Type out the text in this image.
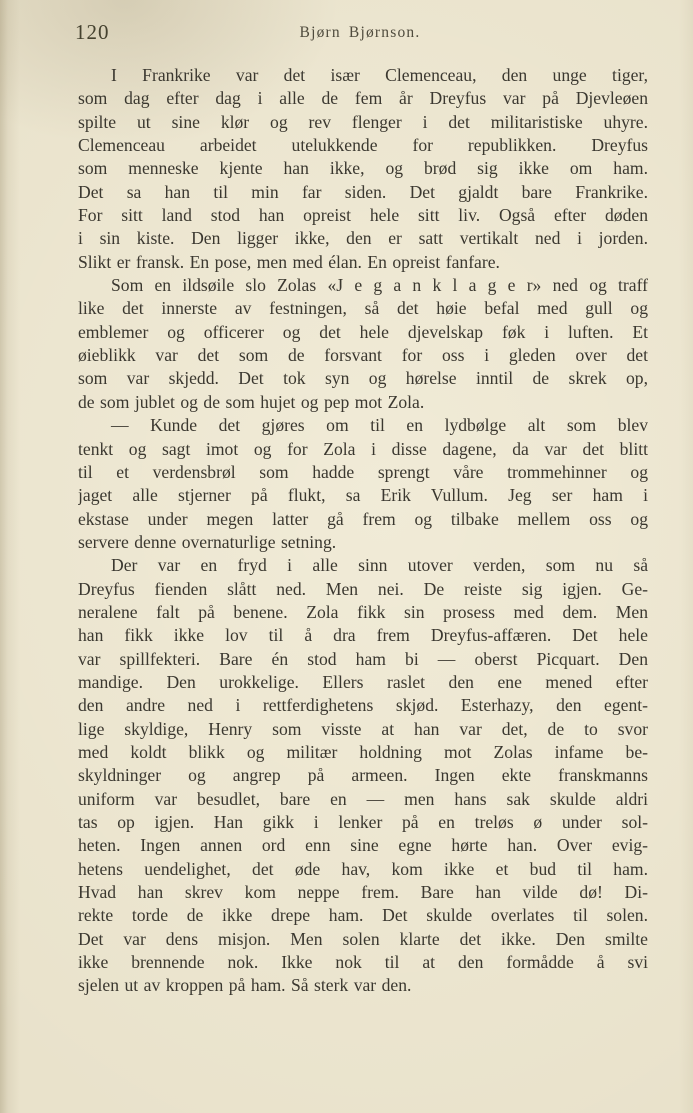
120	Bjørn Bjørnson.
I Frankrike var det især Clemenceau, den unge tiger,
som dag efter dag i alle de fem år Dreyfus var på Djevleøen
spilte ut sine klør og rev flenger i det militaristiske uhyre.
Clemenceau arbeidet utelukkende for republikken. Dreyfus
som menneske kjente han ikke, og brød sig ikke om ham.
Det sa han til min far siden. Det gjaldt bare Frankrike.
For sitt land stod han opreist hele sitt liv. Også efter døden
i sin kiste. Den ligger ikke, den er satt vertikalt ned i jorden.
Slikt er fransk. En pose, men med élan. En opreist fanfare.
Som en ildsøile slo Zolas «J e g a n k l a g e r» ned og traff
like det innerste av festningen, så det høie befal med gull og
emblemer og officerer og det hele djevelskap føk i luften. Et
øieblikk var det som de forsvant for oss i gleden over det
som var skjedd. Det tok syn og hørelse inntil de skrek op,
de som jublet og de som hujet og pep mot Zola.
— Kunde det gjøres om til en lydbølge alt som blev
tenkt og sagt imot og for Zola i disse dagene, da var det blitt
til et verdensbrøl som hadde sprengt våre trommehinner og
jaget alle stjerner på flukt, sa Erik Vullum. Jeg ser ham i
ekstase under megen latter gå frem og tilbake mellem oss og
servere denne overnaturlige setning.
Der var en fryd i alle sinn utover verden, som nu så
Dreyfus fienden slått ned. Men nei. De reiste sig igjen. Ge-
neralene falt på benene. Zola fikk sin prosess med dem. Men
han fikk ikke lov til å dra frem Dreyfus-affæren. Det hele
var spillfekteri. Bare én stod ham bi — oberst Picquart. Den
mandige. Den urokkelige. Ellers raslet den ene mened efter
den andre ned i rettferdighetens skjød. Esterhazy, den egent-
lige skyldige, Henry som visste at han var det, de to svor
med koldt blikk og militær holdning mot Zolas infame be-
skyldninger og angrep på armeen. Ingen ekte franskmanns
uniform var besudlet, bare en — men hans sak skulde aldri
tas op igjen. Han gikk i lenker på en treløs ø under sol-
heten. Ingen annen ord enn sine egne hørte han. Over evig-
hetens uendelighet, det øde hav, kom ikke et bud til ham.
Hvad han skrev kom neppe frem. Bare han vilde dø! Di-
rekte torde de ikke drepe ham. Det skulde overlates til solen.
Det var dens misjon. Men solen klarte det ikke. Den smilte
ikke brennende nok. Ikke nok til at den formådde å svi
sjelen ut av kroppen på ham. Så sterk var den.
